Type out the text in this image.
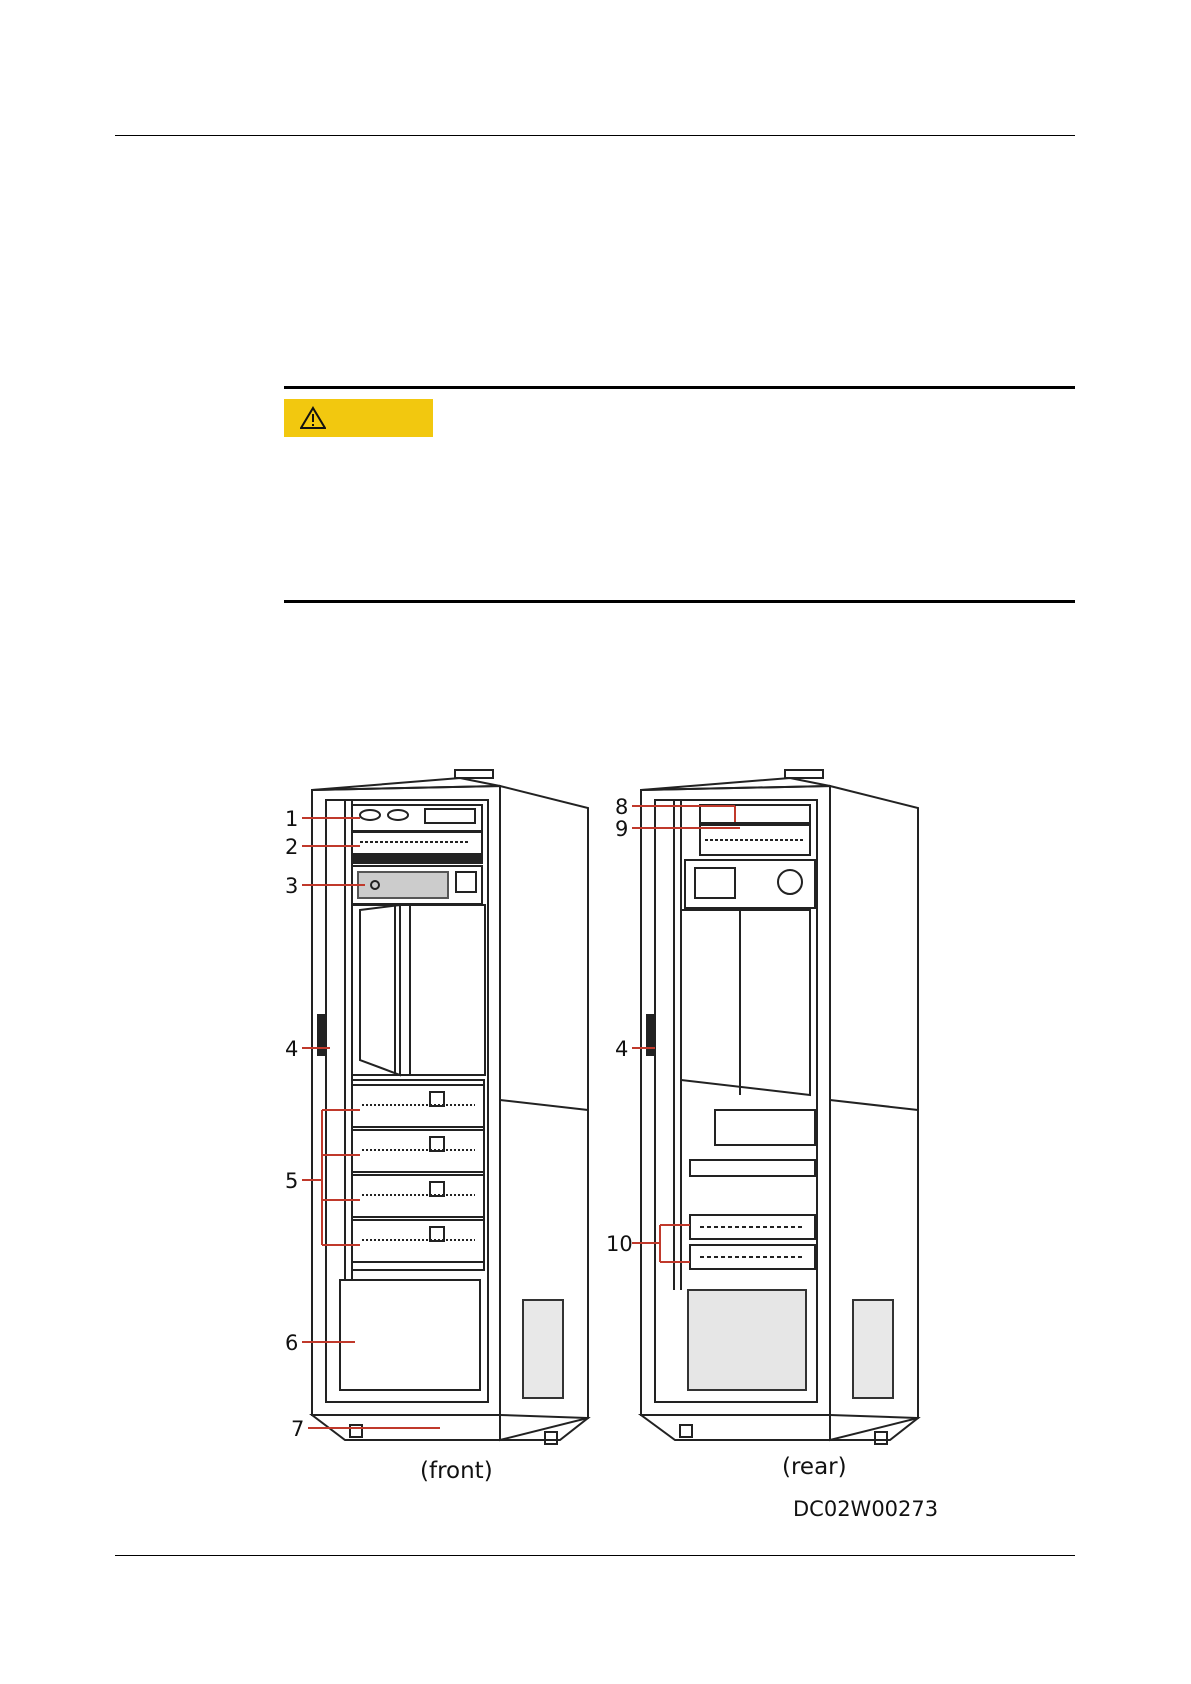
1
2
3
4
5
6
7
8
9
4
10
(front)	(rear)
DC02W00273
